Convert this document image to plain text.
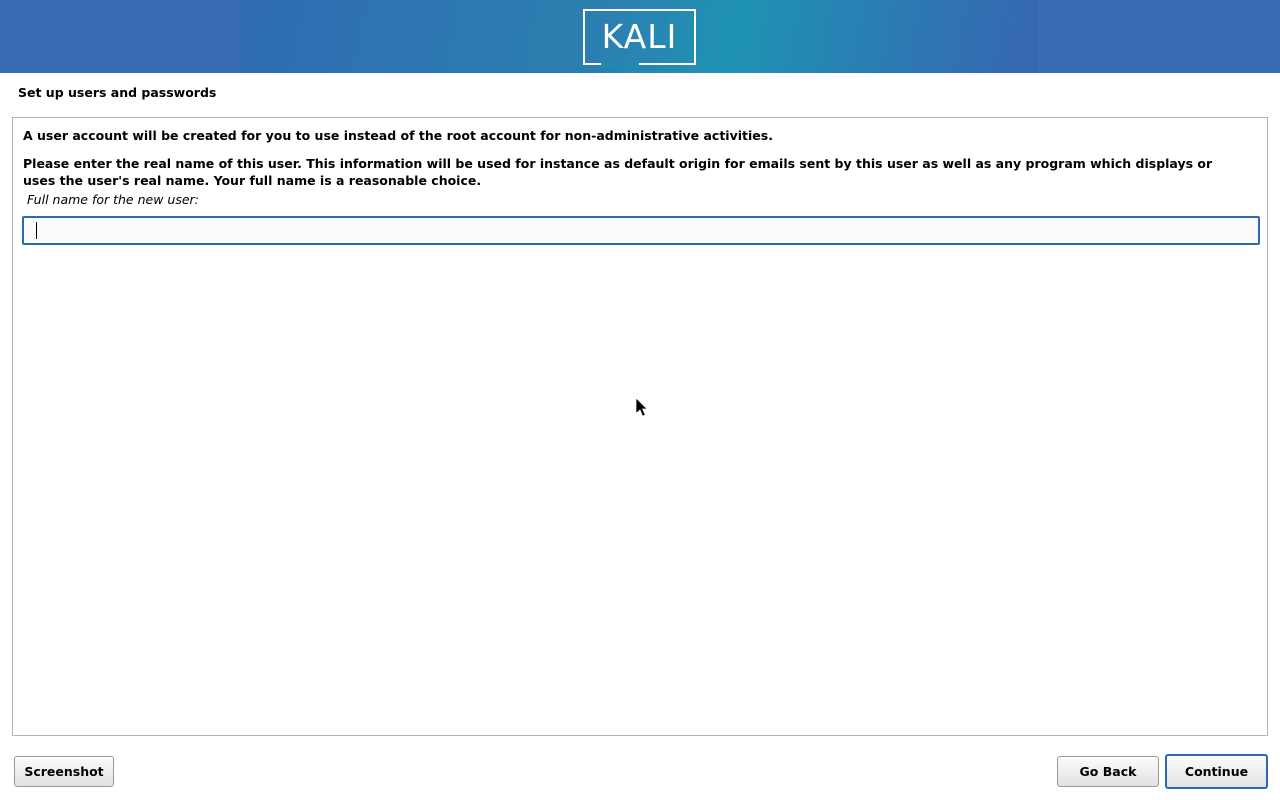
KALI
Set up users and passwords
A user account will be created for you to use instead of the root account for non-administrative activities.
Please enter the real name of this user. This information will be used for instance as default origin for emails sent by this user as well as any program which displays or uses the user's real name. Your full name is a reasonable choice.
Full name for the new user:
Screenshot	Go Back	Continue
